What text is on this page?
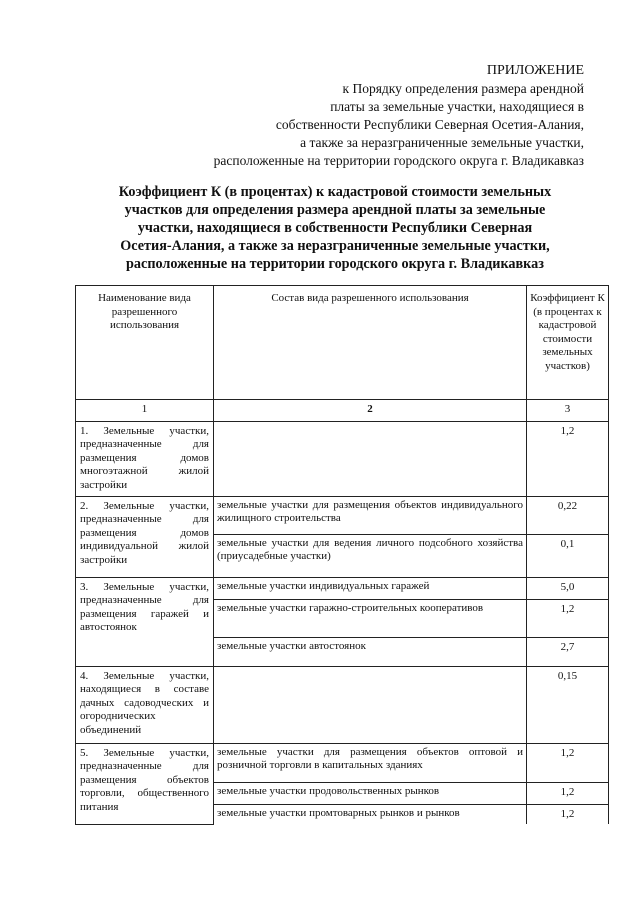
ПРИЛОЖЕНИЕ
к Порядку определения размера арендной
платы за земельные участки, находящиеся в
собственности Республики Северная Осетия-Алания,
а также за неразграниченные земельные участки,
расположенные на территории городского округа г. Владикавказ
Коэффициент К (в процентах) к кадастровой стоимости земельных
участков для определения размера арендной платы за земельные
участки, находящиеся в собственности Республики Северная
Осетия-Алания, а также за неразграниченные земельные участки,
расположенные на территории городского округа г. Владикавказ
Наименование вида разрешенного использования	Состав вида разрешенного использования	Коэффициент К (в процентах к кадастровой стоимости земельных участков)
1	2	3
1. Земельные участки, предназначенные для размещения домов многоэтажной жилой застройки		1,2
2. Земельные участки, предназначенные для размещения домов индивидуальной жилой застройки	земельные участки для размещения объектов индивидуального жилищного строительства	0,22
	земельные участки для ведения личного подсобного хозяйства (приусадебные участки)	0,1
3. Земельные участки, предназначенные для размещения гаражей и автостоянок	земельные участки индивидуальных гаражей	5,0
	земельные участки гаражно-строительных кооперативов	1,2
	земельные участки автостоянок	2,7
4. Земельные участки, находящиеся в составе дачных садоводческих и огороднических объединений		0,15
5. Земельные участки, предназначенные для размещения объектов торговли, общественного питания	земельные участки для размещения объектов оптовой и розничной торговли в капитальных зданиях	1,2
	земельные участки продовольственных рынков	1,2
	земельные участки промтоварных рынков и рынков	1,2
